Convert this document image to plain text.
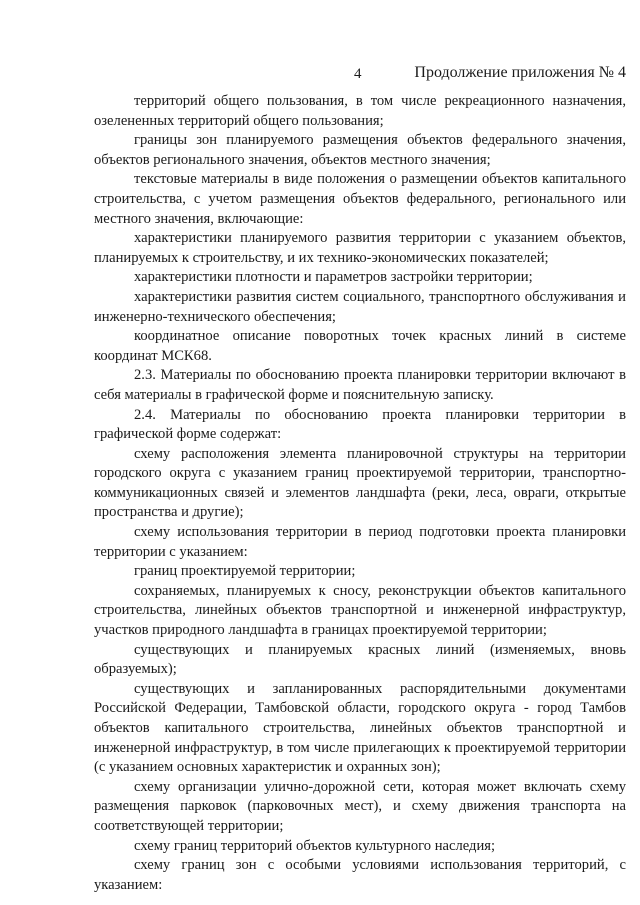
4	Продолжение приложения № 4

территорий общего пользования, в том числе рекреационного назначения, озелененных территорий общего пользования;

границы зон планируемого размещения объектов федерального значения, объектов регионального значения, объектов местного значения;

текстовые материалы в виде положения о размещении объектов капитального строительства, с учетом размещения объектов федерального, регионального или местного значения, включающие:

характеристики планируемого развития территории с указанием объектов, планируемых к строительству, и их технико-экономических показателей;

характеристики плотности и параметров застройки территории;

характеристики развития систем социального, транспортного обслуживания и инженерно-технического обеспечения;

координатное описание поворотных точек красных линий в системе координат МСК68.

2.3. Материалы по обоснованию проекта планировки территории включают в себя материалы в графической форме и пояснительную записку.

2.4. Материалы по обоснованию проекта планировки территории в графической форме содержат:

схему расположения элемента планировочной структуры на территории городского округа с указанием границ проектируемой территории, транспортно-коммуникационных связей и элементов ландшафта (реки, леса, овраги, открытые пространства и другие);

схему использования территории в период подготовки проекта планировки территории с указанием:

границ проектируемой территории;

сохраняемых, планируемых к сносу, реконструкции объектов капитального строительства, линейных объектов транспортной и инженерной инфраструктур, участков природного ландшафта в границах проектируемой территории;

существующих и планируемых красных линий (изменяемых, вновь образуемых);

существующих и запланированных распорядительными документами Российской Федерации, Тамбовской области, городского округа - город Тамбов объектов капитального строительства, линейных объектов транспортной и инженерной инфраструктур, в том числе прилегающих к проектируемой территории (с указанием основных характеристик и охранных зон);

схему организации улично-дорожной сети, которая может включать схему размещения парковок (парковочных мест), и схему движения транспорта на соответствующей территории;

схему границ территорий объектов культурного наследия;

схему границ зон с особыми условиями использования территорий, с указанием:
